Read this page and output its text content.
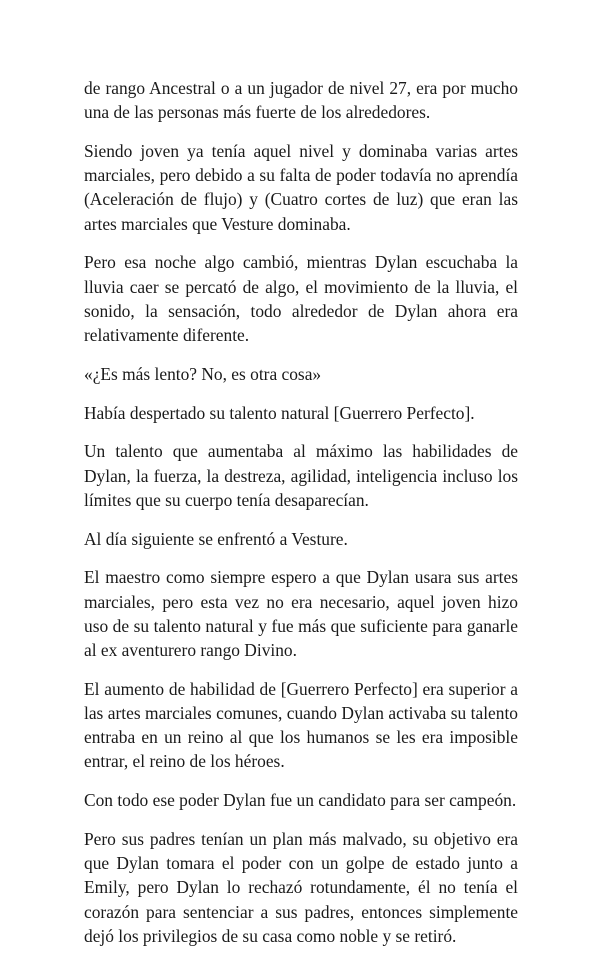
de rango Ancestral o a un jugador de nivel 27, era por mucho una de las personas más fuerte de los alrededores.

Siendo joven ya tenía aquel nivel y dominaba varias artes marciales, pero debido a su falta de poder todavía no aprendía (Aceleración de flujo) y (Cuatro cortes de luz) que eran las artes marciales que Vesture dominaba.

Pero esa noche algo cambió, mientras Dylan escuchaba la lluvia caer se percató de algo, el movimiento de la lluvia, el sonido, la sensación, todo alrededor de Dylan ahora era relativamente diferente.

«¿Es más lento? No, es otra cosa»

Había despertado su talento natural [Guerrero Perfecto].

Un talento que aumentaba al máximo las habilidades de Dylan, la fuerza, la destreza, agilidad, inteligencia incluso los límites que su cuerpo tenía desaparecían.

Al día siguiente se enfrentó a Vesture.

El maestro como siempre espero a que Dylan usara sus artes marciales, pero esta vez no era necesario, aquel joven hizo uso de su talento natural y fue más que suficiente para ganarle al ex aventurero rango Divino.

El aumento de habilidad de [Guerrero Perfecto] era superior a las artes marciales comunes, cuando Dylan activaba su talento entraba en un reino al que los humanos se les era imposible entrar, el reino de los héroes.

Con todo ese poder Dylan fue un candidato para ser campeón.

Pero sus padres tenían un plan más malvado, su objetivo era que Dylan tomara el poder con un golpe de estado junto a Emily, pero Dylan lo rechazó rotundamente, él no tenía el corazón para sentenciar a sus padres, entonces simplemente dejó los privilegios de su casa como noble y se retiró.
